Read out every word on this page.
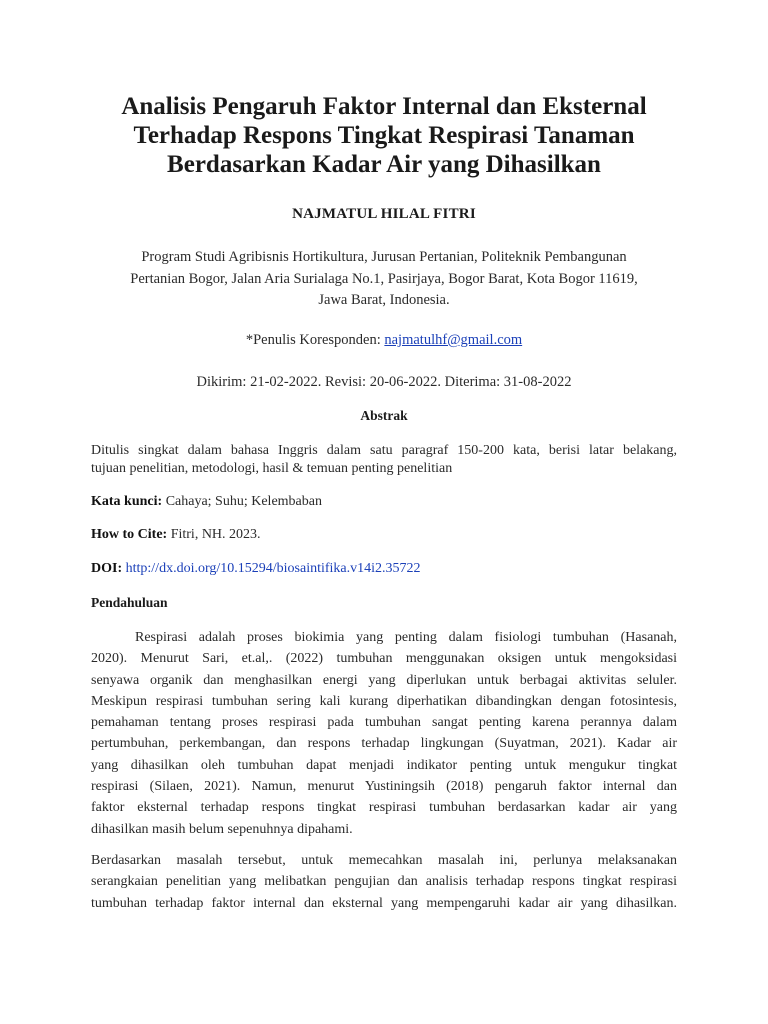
Analisis Pengaruh Faktor Internal dan Eksternal
Terhadap Respons Tingkat Respirasi Tanaman
Berdasarkan Kadar Air yang Dihasilkan
NAJMATUL HILAL FITRI
Program Studi Agribisnis Hortikultura, Jurusan Pertanian, Politeknik Pembangunan
Pertanian Bogor, Jalan Aria Surialaga No.1, Pasirjaya, Bogor Barat, Kota Bogor 11619,
Jawa Barat, Indonesia.
*Penulis Koresponden: najmatulhf@gmail.com
Dikirim: 21-02-2022. Revisi: 20-06-2022. Diterima: 31-08-2022
Abstrak
Ditulis singkat dalam bahasa Inggris dalam satu paragraf 150-200 kata, berisi latar belakang,
tujuan penelitian, metodologi, hasil & temuan penting penelitian
Kata kunci: Cahaya; Suhu; Kelembaban
How to Cite: Fitri, NH. 2023.
DOI: http://dx.doi.org/10.15294/biosaintifika.v14i2.35722
Pendahuluan
Respirasi adalah proses biokimia yang penting dalam fisiologi tumbuhan (Hasanah,
2020). Menurut Sari, et.al,. (2022) tumbuhan menggunakan oksigen untuk mengoksidasi
senyawa organik dan menghasilkan energi yang diperlukan untuk berbagai aktivitas seluler.
Meskipun respirasi tumbuhan sering kali kurang diperhatikan dibandingkan dengan fotosintesis,
pemahaman tentang proses respirasi pada tumbuhan sangat penting karena perannya dalam
pertumbuhan, perkembangan, dan respons terhadap lingkungan (Suyatman, 2021). Kadar air
yang dihasilkan oleh tumbuhan dapat menjadi indikator penting untuk mengukur tingkat
respirasi (Silaen, 2021). Namun, menurut Yustiningsih (2018) pengaruh faktor internal dan
faktor eksternal terhadap respons tingkat respirasi tumbuhan berdasarkan kadar air yang
dihasilkan masih belum sepenuhnya dipahami.
Berdasarkan masalah tersebut, untuk memecahkan masalah ini, perlunya melaksanakan
serangkaian penelitian yang melibatkan pengujian dan analisis terhadap respons tingkat respirasi
tumbuhan terhadap faktor internal dan eksternal yang mempengaruhi kadar air yang dihasilkan.
